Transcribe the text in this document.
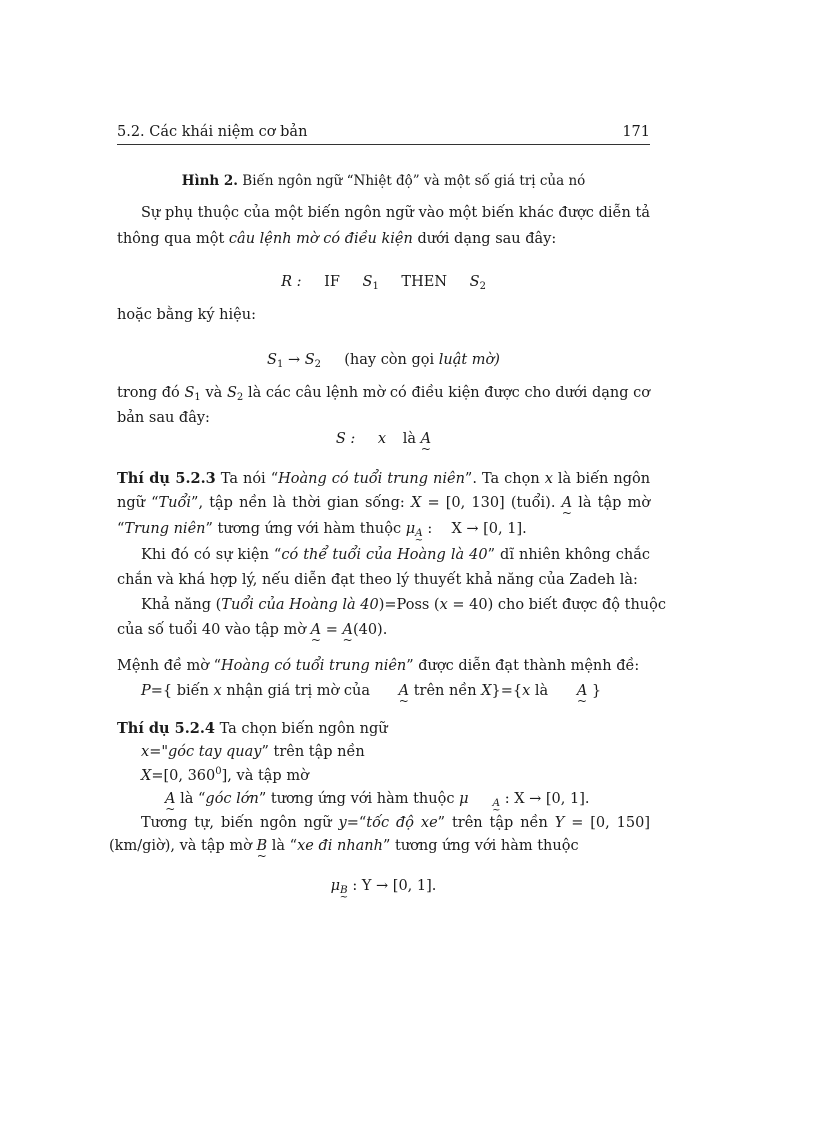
5.2. Các khái niệm cơ bản	171
Hình 2. Biến ngôn ngữ “Nhiệt độ” và một số giá trị của nó
Sự phụ thuộc của một biến ngôn ngữ vào một biến khác được diễn tả
thông qua một câu lệnh mờ có điều kiện dưới dạng sau đây:
R : IF $S_1$ THEN $S_2$
hoặc bằng ký hiệu:
$S_1 \to S_2$ (hay còn gọi luật mờ)
trong đó $S_1$ và $S_2$ là các câu lệnh mờ có điều kiện được cho dưới dạng cơ
bản sau đây:
S : x là A ~
Thí dụ 5.2.3 Ta nói “Hoàng có tuổi trung niên”. Ta chọn x là biến ngôn
ngữ “Tuổi”, tập nền là thời gian sống: X = [0, 130] (tuổi). A ~ là tập mờ
“Trung niên” tương ứng với hàm thuộc $\mu_A$ : X → [0, 1].
Khi đó có sự kiện “có thể tuổi của Hoàng là 40” dĩ nhiên không chắc
chắn và khá hợp lý, nếu diễn đạt theo lý thuyết khả năng của Zadeh là:
Khả năng (Tuổi của Hoàng là 40)=Poss (x = 40) cho biết được độ thuộc
của số tuổi 40 vào tập mờ A ~ = A ~(40).
Mệnh đề mờ “Hoàng có tuổi trung niên” được diễn đạt thành mệnh đề:
P={ biến x nhận giá trị mờ của A ~ trên nền X}={x là A ~ }
Thí dụ 5.2.4 Ta chọn biến ngôn ngữ
x="góc tay quay” trên tập nền
X=[0, $360^0$], và tập mờ
A ~ là “góc lớn” tương ứng với hàm thuộc μ $_A$ : X → [0, 1].
Tương tự, biến ngôn ngữ y=“tốc độ xe” trên tập nền Y = [0, 150]
(km/giờ), và tập mờ B ~ là “xe đi nhanh” tương ứng với hàm thuộc
$\mu_B$ : Y → [0, 1].
